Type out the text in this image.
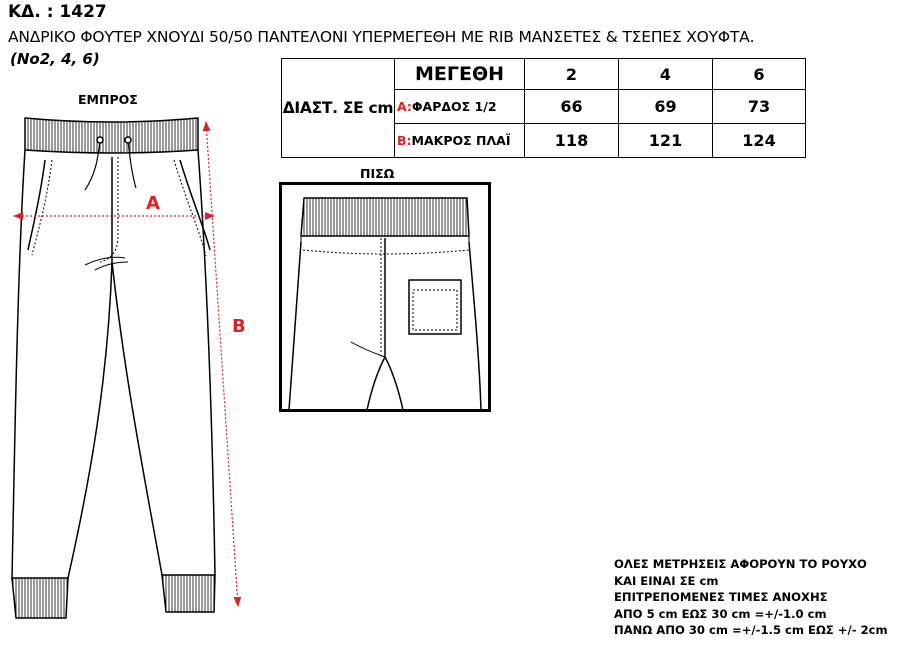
ΚΔ. : 1427
ΑΝΔΡΙΚΟ ΦΟΥΤΕΡ ΧΝΟΥΔΙ 50/50 ΠΑΝΤΕΛΟΝΙ ΥΠΕΡΜΕΓΕΘΗ ΜΕ RIB ΜΑΝΣΕΤΕΣ & ΤΣΕΠΕΣ ΧΟΥΦΤΑ.
(No2, 4, 6)
ΕΜΠΡΟΣ
ΠΙΣΩ
ΔΙΑΣΤ. ΣΕ cm	ΜΕΓΕΘΗ	2	4	6
	A:ΦΑΡΔΟΣ 1/2	66	69	73
	B:ΜΑΚΡΟΣ ΠΛΑΪ	118	121	124
A
B
ΟΛΕΣ ΜΕΤΡΗΣΕΙΣ ΑΦΟΡΟΥΝ ΤΟ ΡΟΥΧΟ
ΚΑΙ ΕΙΝΑΙ ΣΕ cm
ΕΠΙΤΡΕΠΟΜΕΝΕΣ ΤΙΜΕΣ ΑΝΟΧΗΣ
ΑΠΟ 5 cm ΕΩΣ 30 cm =+/-1.0 cm
ΠΑΝΩ ΑΠΟ 30 cm =+/-1.5 cm ΕΩΣ +/- 2cm
